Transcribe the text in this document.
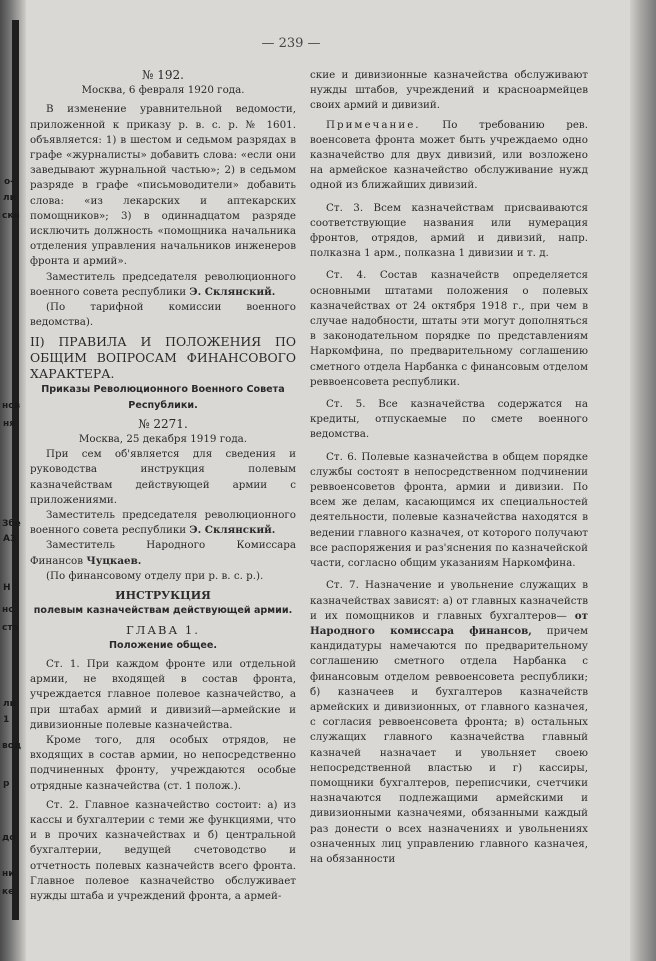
о-
ли
ски
нов
ня
Збе
А3
Н
нс
ств
ли
1
вод
р
до
ни
ке
— 239 —

№ 192.

Москва, 6 февраля 1920 года.

В изменение уравнительной ведомости, приложенной к приказу р. в. с. р. № 1601. объявляется: 1) в шестом и седьмом разрядах в графе «журналисты» добавить слова: «если они заведывают журнальной частью»; 2) в седьмом разряде в графе «письмоводители» добавить слова: «из лекарских и аптекарских помощников»; 3) в одиннадцатом разряде исключить должность «помощника начальника отделения управления начальников инженеров фронта и армий».

Заместитель председателя революционного военного совета республики Э. Склянский.

(По тарифной комиссии военного ведомства).

II) ПРАВИЛА И ПОЛОЖЕНИЯ ПО ОБЩИМ ВОПРОСАМ ФИНАНСОВОГО ХАРАКТЕРА.

Приказы Революционного Военного Совета Республики.

№ 2271.

Москва, 25 декабря 1919 года.

При сем об'является для сведения и руководства инструкция полевым казначействам действующей армии с приложениями.

Заместитель председателя революционного военного совета республики Э. Склянский.

Заместитель Народного Комиссара Финансов Чуцкаев.

(По финансовому отделу при р. в. с. р.).

ИНСТРУКЦИЯ

полевым казначействам действующей армии.

ГЛАВА 1.

Положение общее.

Ст. 1. При каждом фронте или отдельной армии, не входящей в состав фронта, учреждается главное полевое казначейство, а при штабах армий и дивизий—армейские и дивизионные полевые казначейства.

Кроме того, для особых отрядов, не входящих в состав армии, но непосредственно подчиненных фронту, учреждаются особые отрядные казначейства (ст. 1 полож.).

Ст. 2. Главное казначейство состоит: а) из кассы и бухгалтерии с теми же функциями, что и в прочих казначействах и б) центральной бухгалтерии, ведущей счетоводство и отчетность полевых казначейств всего фронта. Главное полевое казначейство обслуживает нужды штаба и учреждений фронта, а армей-

ские и дивизионные казначейства обслуживают нужды штабов, учреждений и красноармейцев своих армий и дивизий.

Примечание. По требованию рев. военсовета фронта может быть учреждаемо одно казначейство для двух дивизий, или возложено на армейское казначейство обслуживание нужд одной из ближайших дивизий.

Ст. 3. Всем казначействам присваиваются соответствующие названия или нумерация фронтов, отрядов, армий и дивизий, напр. полказна 1 арм., полказна 1 дивизии и т. д.

Ст. 4. Состав казначейств определяется основными штатами положения о полевых казначействах от 24 октября 1918 г., при чем в случае надобности, штаты эти могут дополняться в законодательном порядке по представлениям Наркомфина, по предварительному соглашению сметного отдела Нарбанка с финансовым отделом реввоенсовета республики.

Ст. 5. Все казначейства содержатся на кредиты, отпускаемые по смете военного ведомства.

Ст. 6. Полевые казначейства в общем порядке службы состоят в непосредственном подчинении реввоенсоветов фронта, армии и дивизии. По всем же делам, касающимся их специальностей деятельности, полевые казначейства находятся в ведении главного казначея, от которого получают все распоряжения и раз'яснения по казначейской части, согласно общим указаниям Наркомфина.

Ст. 7. Назначение и увольнение служащих в казначействах зависят: а) от главных казначейств и их помощников и главных бухгалтеров— от Народного комиссара финансов, причем кандидатуры намечаются по предварительному соглашению сметного отдела Нарбанка с финансовым отделом реввоенсовета республики; б) казначеев и бухгалтеров казначейств армейских и дивизионных, от главного казначея, с согласия реввоенсовета фронта; в) остальных служащих главного казначейства главный казначей назначает и увольняет своею непосредственной властью и г) кассиры, помощники бухгалтеров, переписчики, счетчики назначаются подлежащими армейскими и дивизионными казначеями, обязанными каждый раз донести о всех назначениях и увольнениях означенных лиц управлению главного казначея, на обязанности
